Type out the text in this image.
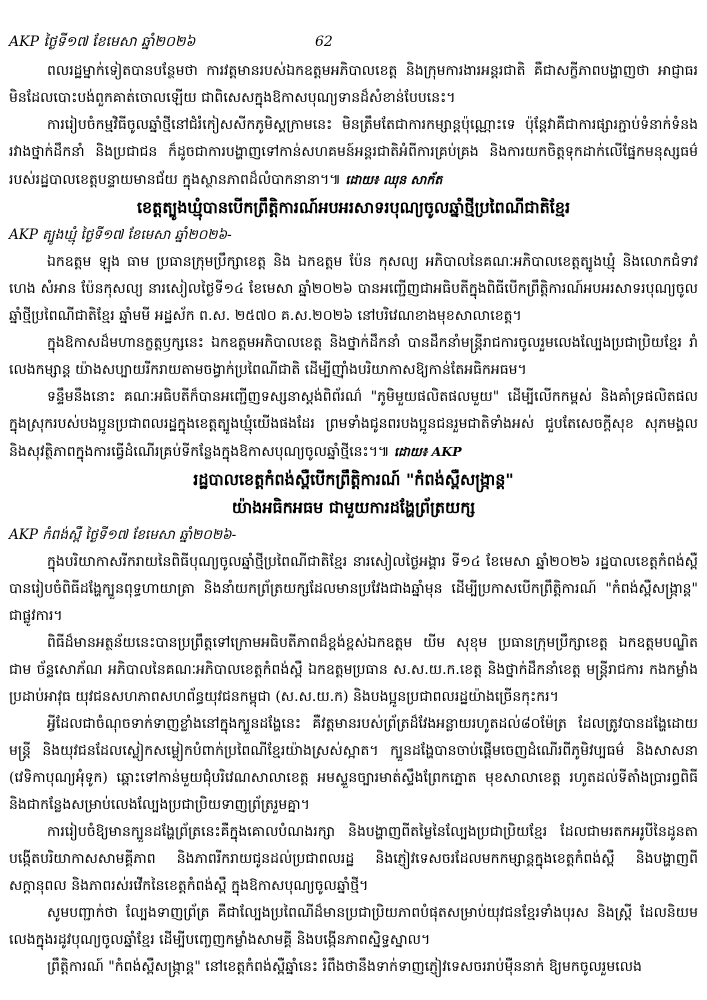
AKP ថ្ងៃទី១៧ ខែមេសា ឆ្នាំ២០២៦	62

ពលរដ្ឋម្នាក់ទៀតបានបន្ថែមថា ការវត្តមានរបស់ឯកឧត្តមអភិបាលខេត្ត និងក្រុមការងារអន្តរជាតិ គឺជាសក្ខីភាពបង្ហាញថា អាជ្ញាធរមិនដែលបោះបង់ពួកគាត់ចោលឡើយ ជាពិសេសក្នុងឱកាសបុណ្យទានដ៏សំខាន់បែបនេះ។

ការរៀបចំកម្មវិធីចូលឆ្នាំថ្មីនៅជំរំកៀសសីកភូមិស្គក្រាមនេះ មិនត្រឹមតែជាការកម្សាន្តប៉ុណ្ណោះទេ ប៉ុន្តែវាគឺជាការផ្សារភ្ជាប់ទំនាក់ទំនងរវាងថ្នាក់ដឹកនាំ និងប្រជាជន ក៏ដូចជាការបង្ហាញទៅកាន់សហគមន៍អន្តរជាតិអំពីការគ្រប់គ្រង និងការយកចិត្តទុកដាក់លើផ្នែកមនុស្សធម៌របស់រដ្ឋបាលខេត្តបន្ទាយមានជ័យ ក្នុងស្ថានភាពដ៏លំបាកនានា។៕ ដោយ៖ ឈុន សាក័ត

ខេត្តត្បូងឃ្មុំបានបើកព្រឹត្តិការណ៍អបអរសាទរបុណ្យចូលឆ្នាំថ្មីប្រពៃណីជាតិខ្មែរ

AKP ត្បូងឃ្មុំ ថ្ងៃទី១៧ ខែមេសា ឆ្នាំ២០២៦-

ឯកឧត្តម ឡុង ធាម ប្រធានក្រុមប្រឹក្សាខេត្ត និង ឯកឧត្តម ប៉ែន កុសល្យ អភិបាលនៃគណៈអភិបាលខេត្តត្បូងឃ្មុំ និងលោកជំទាវ ហេង សំអាន ប៉ែនកុសល្យ នារសៀលថ្ងៃទី១៤ ខែមេសា ឆ្នាំ២០២៦ បានអញ្ជើញជាអធិបតីក្នុងពិធីបើកព្រឹត្តិការណ៍អបអរសាទរបុណ្យចូលឆ្នាំថ្មីប្រពៃណីជាតិខ្មែរ ឆ្នាំមមី អដ្ឋស័ក ព.ស. ២៥៧០ គ.ស.២០២៦ នៅបរិវេណខាងមុខសាលាខេត្ត។

ក្នុងឱកាសដ៏មហានក្ខត្តឫក្សនេះ ឯកឧត្តមអភិបាលខេត្ត និងថ្នាក់ដឹកនាំ បានដឹកនាំមន្ត្រីរាជការចូលរួមលេងល្បែងប្រជាប្រិយខ្មែរ រាំលេងកម្សាន្ត យ៉ាងសប្បាយរីករាយតាមចង្វាក់ប្រពៃណីជាតិ ដើម្បីញ៉ាំងបរិយាកាសឱ្យកាន់តែអធិកអធម។

ទន្ទឹមនឹងនោះ គណៈអធិបតីក៏បានអញ្ជើញទស្សនាស្ដង់ពិព័រណ៌ "ភូមិមួយផលិតផលមួយ" ដើម្បីលើកកម្ពស់ និងគាំទ្រផលិតផលក្នុងស្រុករបស់បងប្អូនប្រជាពលរដ្ឋក្នុងខេត្តត្បូងឃ្មុំយើងផងដែរ ព្រមទាំងជូនពរបងប្អូនជនរួមជាតិទាំងអស់ ជួបតែសេចក្ដីសុខ សុភមង្គល និងសុវត្ថិភាពក្នុងការធ្វើដំណើរគ្រប់ទីកន្លែងក្នុងឱកាសបុណ្យចូលឆ្នាំថ្មីនេះ។៕ ដោយ៖ AKP

រដ្ឋបាលខេត្តកំពង់ស្ពឺបើកព្រឹត្តិការណ៍ "កំពង់ស្ពឺសង្រ្កាន្ត"

យ៉ាងអធិកអធម ជាមួយការដង្ហែព្រ័ត្រយក្ស

AKP កំពង់ស្ពឺ ថ្ងៃទី១៧ ខែមេសា ឆ្នាំ២០២៦-

ក្នុងបរិយាកាសរីករាយនៃពិធីបុណ្យចូលឆ្នាំថ្មីប្រពៃណីជាតិខ្មែរ នារសៀលថ្ងៃអង្គារ ទី១៤ ខែមេសា ឆ្នាំ២០២៦ រដ្ឋបាលខេត្តកំពង់ស្ពឺបានរៀបចំពិធីដង្ហែក្បួនពុទ្ធហាយាត្រា និងនាំយកព្រ័ត្រយក្សដែលមានប្រវែងជាងឆ្នាំមុន ដើម្បីប្រកាសបើកព្រឹត្តិការណ៍ "កំពង់ស្ពឺសង្រ្កាន្ត" ជាផ្លូវការ។

ពិធីដ៏មានអត្ថន័យនេះបានប្រព្រឹត្តទៅក្រោមអធិបតីភាពដ៏ខ្ពង់ខ្ពស់ឯកឧត្តម យីម សុខុម ប្រធានក្រុមប្រឹក្សាខេត្ត ឯកឧត្តមបណ្ឌិត ជាម ច័ន្ទសោភ័ណ អភិបាលនៃគណៈអភិបាលខេត្តកំពង់ស្ពឺ ឯកឧត្តមប្រធាន ស.ស.យ.ក.ខេត្ត និងថ្នាក់ដឹកនាំខេត្ត មន្ត្រីរាជការ កងកម្លាំងប្រដាប់អាវុធ យុវជនសហភាពសហព័ន្ធយុវជនកម្ពុជា (ស.ស.យ.ក) និងបងប្អូនប្រជាពលរដ្ឋយ៉ាងច្រើនកុះករ។

អ្វីដែលជាចំណុចទាក់ទាញខ្លាំងនៅក្នុងក្បួនដង្ហែនេះ គឺវត្តមានរបស់ព្រ័ត្រដ៏វែងអន្លាយរហូតដល់៨០ម៉ែត្រ ដែលត្រូវបានដង្ហែដោយមន្ត្រី និងយុវជនដែលស្លៀកសម្លៀកបំពាក់ប្រពៃណីខ្មែរយ៉ាងស្រស់ស្អាត។ ក្បួនដង្ហែបានចាប់ផ្ដើមចេញដំណើរពីភូមិវប្បធម៌ និងសាសនា (វេទិកាបុណ្យអុំទូក) ឆ្ពោះទៅកាន់មួយជុំបរិវេណសាលាខេត្ត អមស្ទួនច្បារមាត់ស្ទឹងព្រែកភ្នោត មុខសាលាខេត្ត រហូតដល់ទីតាំងប្រារព្ធពិធី និងជាកន្លែងសម្រាប់លេងល្បែងប្រជាប្រិយទាញព្រ័ត្ររួមគ្នា។

ការរៀបចំឱ្យមានក្បួនដង្ហែព្រ័ត្រនេះគឺក្នុងគោលបំណងរក្សា និងបង្ហាញពីតម្លៃនៃល្បែងប្រជាប្រិយខ្មែរ ដែលជាមរតកអរូបីនៃដូនតា បង្កើតបរិយាកាសសាមគ្គីភាព និងភាពរីករាយជូនដល់ប្រជាពលរដ្ឋ និងភ្ញៀវទេសចរដែលមកកម្សាន្តក្នុងខេត្តកំពង់ស្ពឺ និងបង្ហាញពីសក្តានុពល និងភាពរស់រវើកនៃខេត្តកំពង់ស្ពឺ ក្នុងឱកាសបុណ្យចូលឆ្នាំថ្មី។

សូមបញ្ជាក់ថា ល្បែងទាញព្រ័ត្រ គឺជាល្បែងប្រពៃណីដ៏មានប្រជាប្រិយភាពបំផុតសម្រាប់យុវជនខ្មែរទាំងបុរស និងស្ត្រី ដែលនិយមលេងក្នុងរដូវបុណ្យចូលឆ្នាំខ្មែរ ដើម្បីបញ្ចេញកម្លាំងសាមគ្គី និងបង្កើនភាពស្និទ្ធស្នាល។

ព្រឹត្តិការណ៍ "កំពង់ស្ពឺសង្រ្កាន្ត" នៅខេត្តកំពង់ស្ពឺឆ្នាំនេះ រំពឹងថានឹងទាក់ទាញភ្ញៀវទេសចររាប់ម៉ឺននាក់ ឱ្យមកចូលរួមលេង
